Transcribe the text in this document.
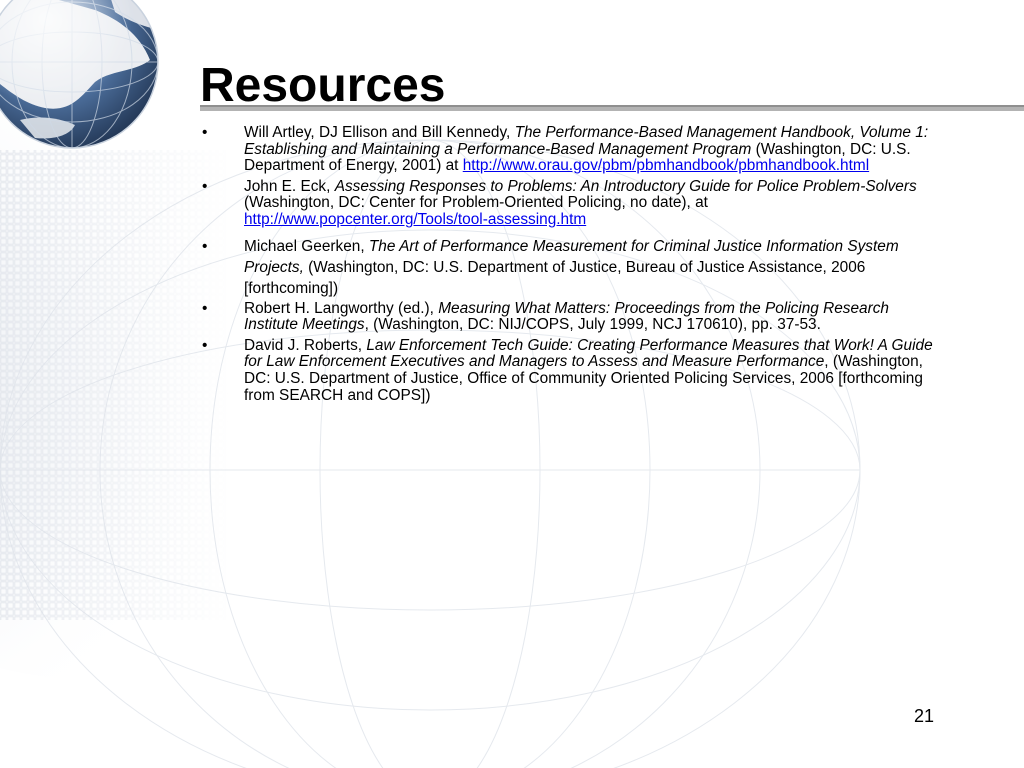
Resources
•	Will Artley, DJ Ellison and Bill Kennedy, The Performance-Based Management Handbook, Volume 1: Establishing and Maintaining a Performance-Based Management Program (Washington, DC: U.S. Department of Energy, 2001) at http://www.orau.gov/pbm/pbmhandbook/pbmhandbook.html
•	John E. Eck, Assessing Responses to Problems: An Introductory Guide for Police Problem-Solvers (Washington, DC: Center for Problem-Oriented Policing, no date), at http://www.popcenter.org/Tools/tool-assessing.htm
•	Michael Geerken, The Art of Performance Measurement for Criminal Justice Information System Projects, (Washington, DC: U.S. Department of Justice, Bureau of Justice Assistance, 2006 [forthcoming])
•	Robert H. Langworthy (ed.), Measuring What Matters: Proceedings from the Policing Research Institute Meetings, (Washington, DC: NIJ/COPS, July 1999, NCJ 170610), pp. 37-53.
•	David J. Roberts, Law Enforcement Tech Guide: Creating Performance Measures that Work! A Guide for Law Enforcement Executives and Managers to Assess and Measure Performance, (Washington, DC: U.S. Department of Justice, Office of Community Oriented Policing Services, 2006 [forthcoming from SEARCH and COPS])
21
